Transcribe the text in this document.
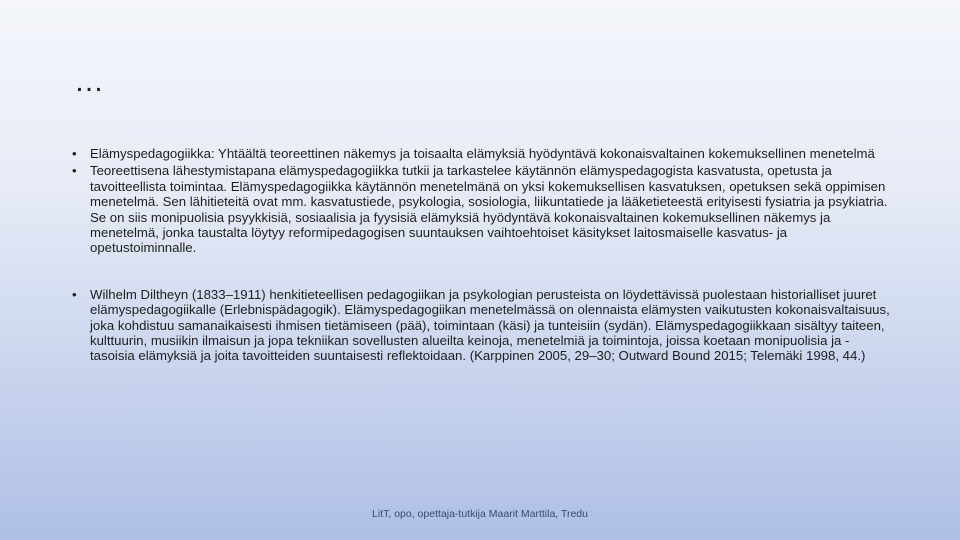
…

• Elämyspedagogiikka: Yhtäältä teoreettinen näkemys ja toisaalta elämyksiä hyödyntävä kokonaisvaltainen kokemuksellinen menetelmä

• Teoreettisena lähestymistapana elämyspedagogiikka tutkii ja tarkastelee käytännön elämyspedagogista kasvatusta, opetusta ja tavoitteellista toimintaa. Elämyspedagogiikka käytännön menetelmänä on yksi kokemuksellisen kasvatuksen, opetuksen sekä oppimisen menetelmä. Sen lähitieteitä ovat mm. kasvatustiede, psykologia, sosiologia, liikuntatiede ja lääketieteestä erityisesti fysiatria ja psykiatria. Se on siis monipuolisia psyykkisiä, sosiaalisia ja fyysisiä elämyksiä hyödyntävä kokonaisvaltainen kokemuksellinen näkemys ja menetelmä, jonka taustalta löytyy reformipedagogisen suuntauksen vaihtoehtoiset käsitykset laitosmaiselle kasvatus- ja opetustoiminnalle.

• Wilhelm Diltheyn (1833–1911) henkitieteellisen pedagogiikan ja psykologian perusteista on löydettävissä puolestaan historialliset juuret elämyspedagogiikalle (Erlebnispädagogik). Elämyspedagogiikan menetelmässä on olennaista elämysten vaikutusten kokonaisvaltaisuus, joka kohdistuu samanaikaisesti ihmisen tietämiseen (pää), toimintaan (käsi) ja tunteisiin (sydän). Elämyspedagogiikkaan sisältyy taiteen, kulttuurin, musiikin ilmaisun ja jopa tekniikan sovellusten alueilta keinoja, menetelmiä ja toimintoja, joissa koetaan monipuolisia ja -tasoisia elämyksiä ja joita tavoitteiden suuntaisesti reflektoidaan. (Karppinen 2005, 29–30; Outward Bound 2015; Telemäki 1998, 44.)

LitT, opo, opettaja-tutkija Maarit Marttila, Tredu
